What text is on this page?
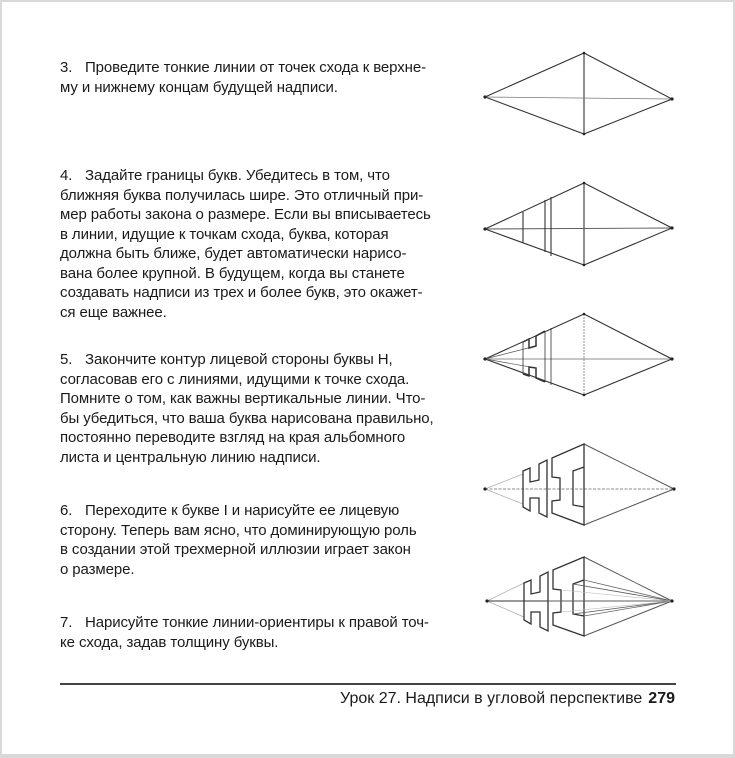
3. Проведите тонкие линии от точек схода к верхне-
му и нижнему концам будущей надписи.
4. Задайте границы букв. Убедитесь в том, что
ближняя буква получилась шире. Это отличный при-
мер работы закона о размере. Если вы вписываетесь
в линии, идущие к точкам схода, буква, которая
должна быть ближе, будет автоматически нарисо-
вана более крупной. В будущем, когда вы станете
создавать надписи из трех и более букв, это окажет-
ся еще важнее.
5. Закончите контур лицевой стороны буквы Н,
согласовав его с линиями, идущими к точке схода.
Помните о том, как важны вертикальные линии. Что-
бы убедиться, что ваша буква нарисована правильно,
постоянно переводите взгляд на края альбомного
листа и центральную линию надписи.
6. Переходите к букве I и нарисуйте ее лицевую
сторону. Теперь вам ясно, что доминирующую роль
в создании этой трехмерной иллюзии играет закон
о размере.
7. Нарисуйте тонкие линии-ориентиры к правой точ-
ке схода, задав толщину буквы.
Урок 27. Надписи в угловой перспективе 279
